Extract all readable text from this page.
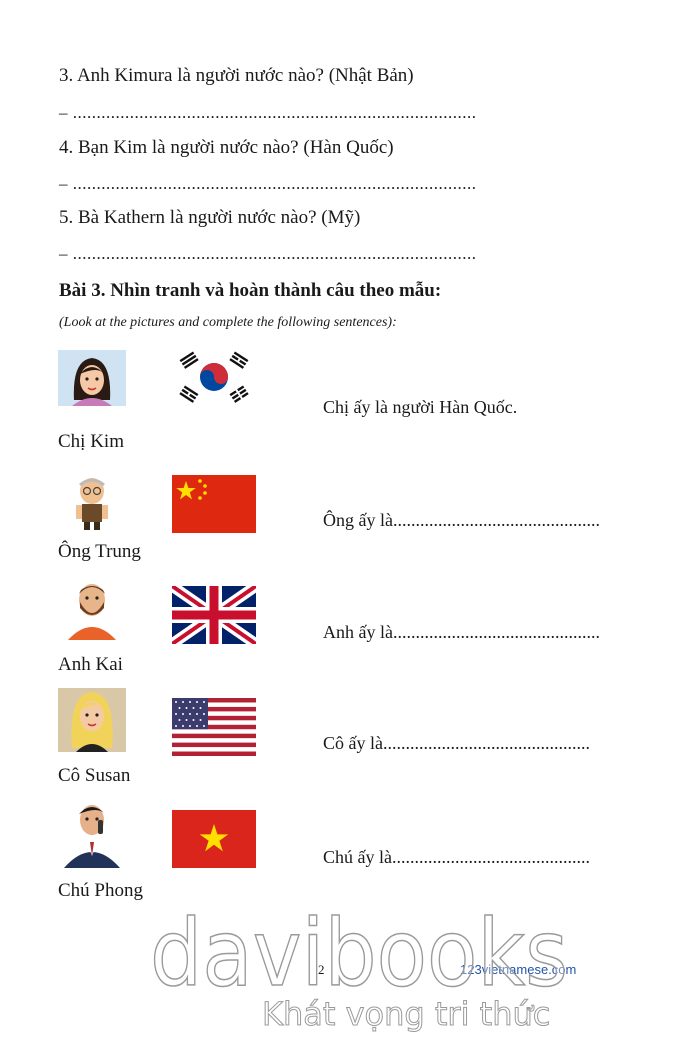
3. Anh Kimura là người nước nào? (Nhật Bản)
– .....................................................................................
4. Bạn Kim là người nước nào? (Hàn Quốc)
– .....................................................................................
5. Bà Kathern là người nước nào? (Mỹ)
– .....................................................................................
Bài 3. Nhìn tranh và hoàn thành câu theo mẫu:
(Look at the pictures and complete the following sentences):
Chị ấy là người Hàn Quốc.
Chị Kim
Ông ấy là..............................................
Ông Trung
Anh ấy là..............................................
Anh Kai
Cô ấy là..............................................
Cô Susan
Chú ấy là............................................
Chú Phong
2	123vietnamese.com
davibooks
Khát vọng tri thức
